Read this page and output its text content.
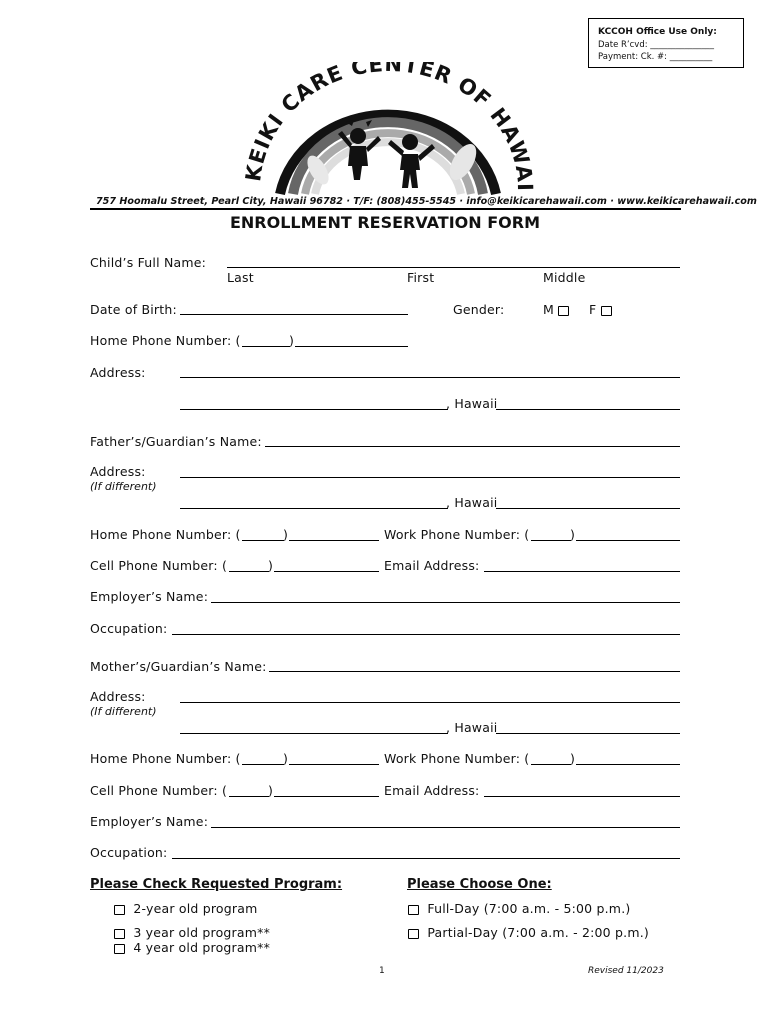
KCCOH Office Use Only:
Date R’cvd: _______________
Payment: Ck. #: __________
KEIKI CARE CENTER OF HAWAI
757 Hoomalu Street, Pearl City, Hawaii 96782 · T/F: (808)455-5545 · info@keikicarehawaii.com · www.keikicarehawaii.com
ENROLLMENT RESERVATION FORM
Child’s Full Name:
Last	First	Middle
Date of Birth:	Gender:	M	F
Home Phone Number: (	)
Address:
, Hawaii
Father’s/Guardian’s Name:
Address:
(If different)
, Hawaii
Home Phone Number: (	)	Work Phone Number: (	)
Cell Phone Number: (	)	Email Address:
Employer’s Name:
Occupation:
Mother’s/Guardian’s Name:
Address:
(If different)
, Hawaii
Home Phone Number: (	)	Work Phone Number: (	)
Cell Phone Number: (	)	Email Address:
Employer’s Name:
Occupation:
Please Check Requested Program:	Please Choose One:
2-year old program
3 year old program**
4 year old program**
Full-Day (7:00 a.m. - 5:00 p.m.)
Partial-Day (7:00 a.m. - 2:00 p.m.)
1	Revised 11/2023
